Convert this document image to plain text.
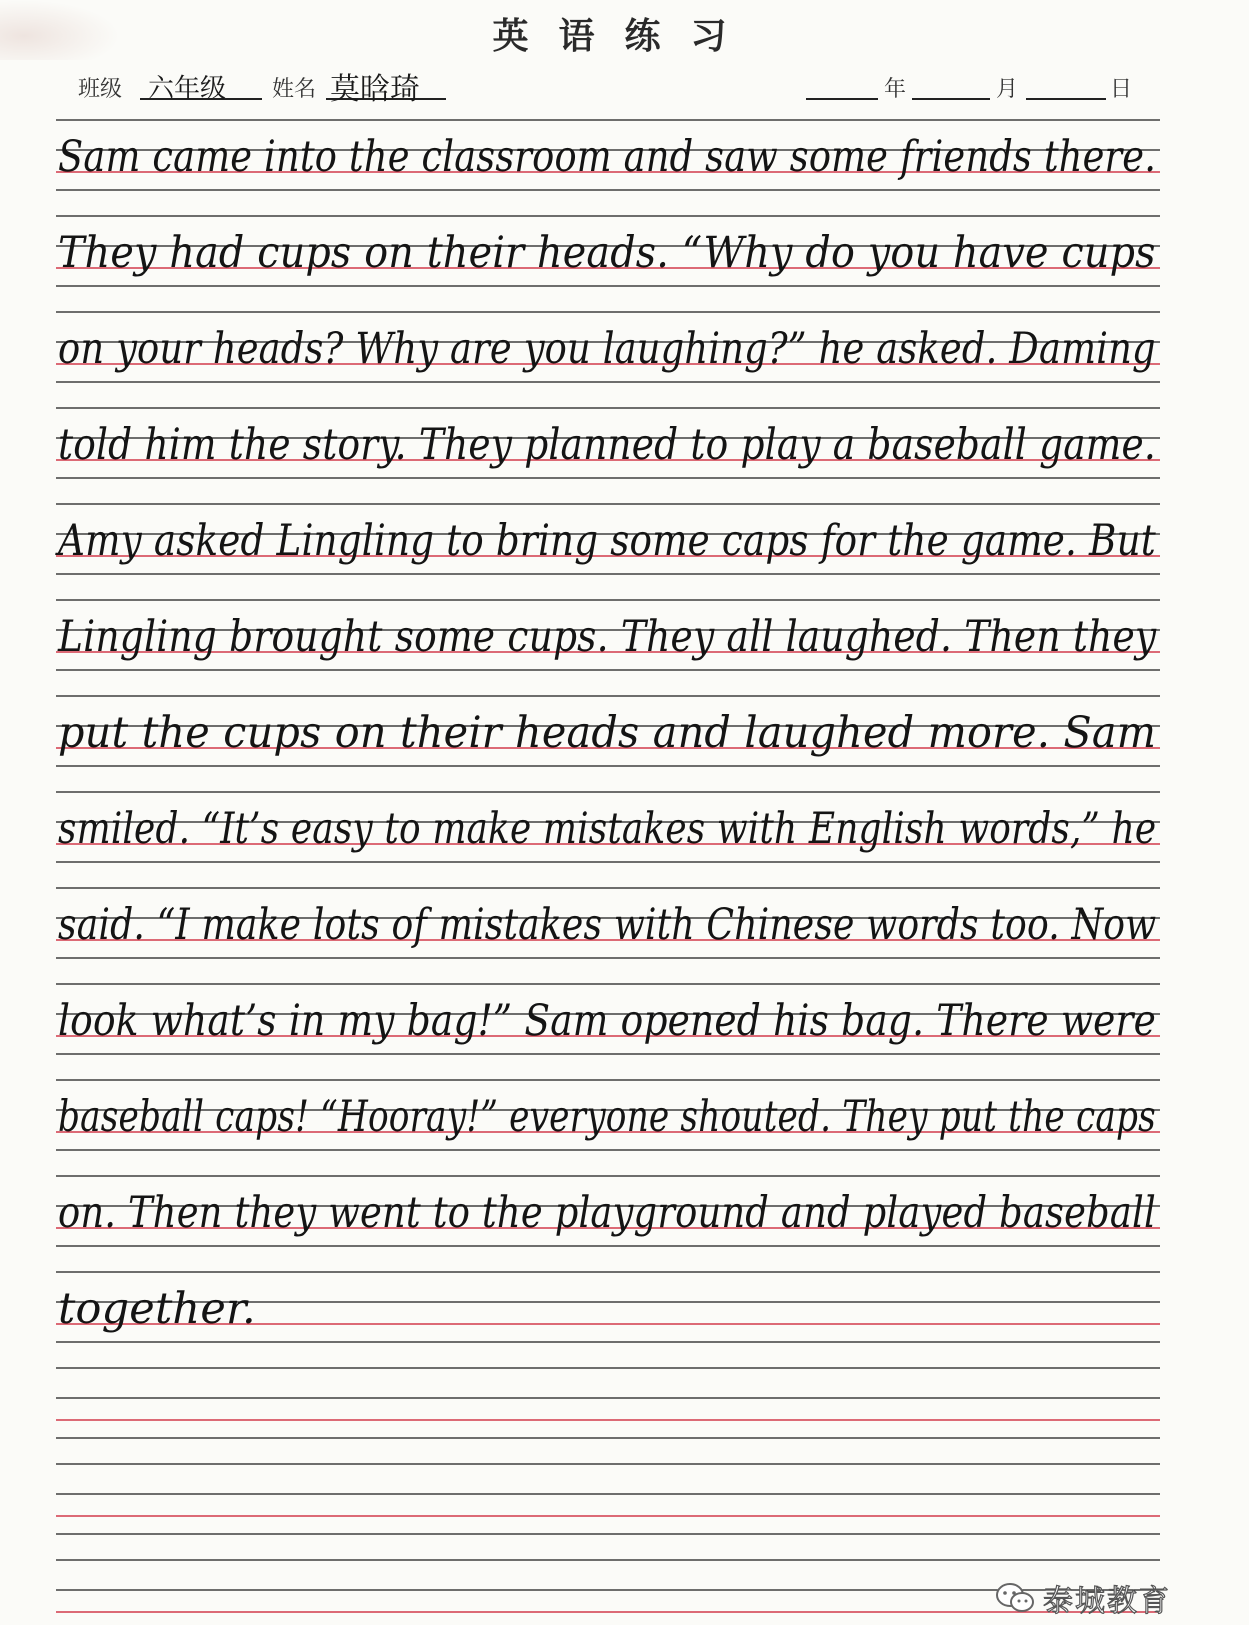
英语练习
班级 六年级 姓名 莫晗琦	年	月	日
Sam came into the classroom and saw some friends there.
They had cups on their heads. “Why do you have cups
on your heads? Why are you laughing?” he asked. Daming
told him the story. They planned to play a baseball game.
Amy asked Lingling to bring some caps for the game. But
Lingling brought some cups. They all laughed. Then they
put the cups on their heads and laughed more. Sam
smiled. “It’s easy to make mistakes with English words,” he
said. “I make lots of mistakes with Chinese words too. Now
look what’s in my bag!” Sam opened his bag. There were
baseball caps! “Hooray!” everyone shouted. They put the caps
on. Then they went to the playground and played baseball
together.
泰城教育
